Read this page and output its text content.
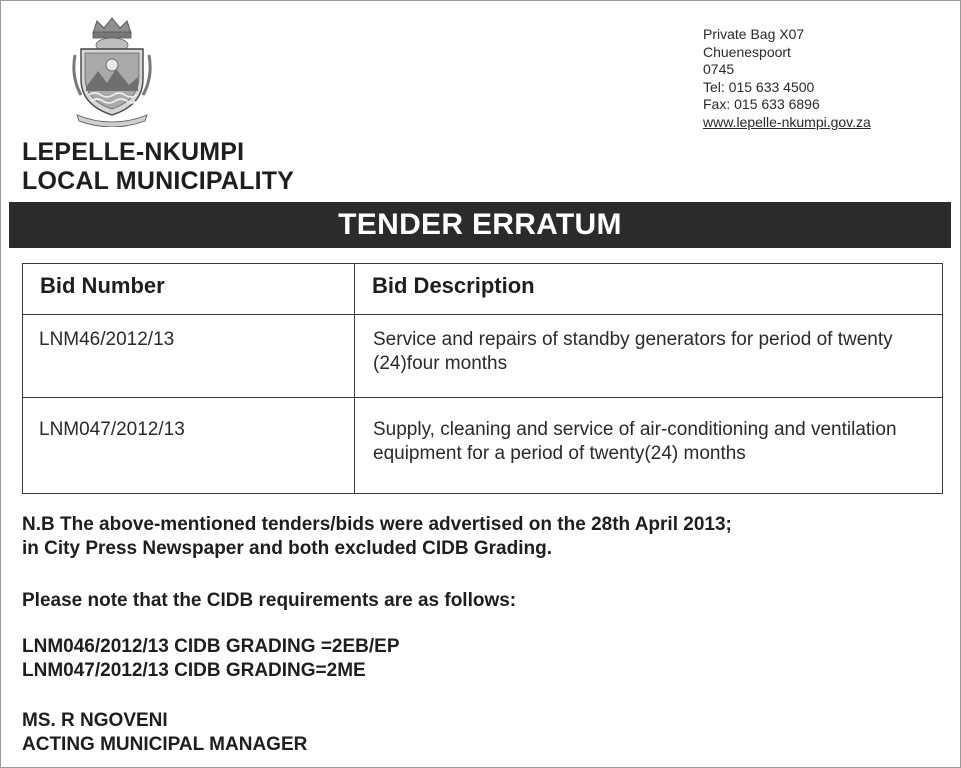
LEPELLE-NKUMPI
LOCAL MUNICIPALITY
Private Bag X07
Chuenespoort
0745
Tel: 015 633 4500
Fax: 015 633 6896
www.lepelle-nkumpi.gov.za
TENDER ERRATUM
Bid Number	Bid Description
LNM46/2012/13	Service and repairs of standby generators for period of twenty (24)four months
LNM047/2012/13	Supply, cleaning and service of air-conditioning and ventilation equipment for a period of twenty(24) months
N.B The above-mentioned tenders/bids were advertised on the 28th April 2013;
in City Press Newspaper and both excluded CIDB Grading.
Please note that the CIDB requirements are as follows:
LNM046/2012/13 CIDB GRADING =2EB/EP
LNM047/2012/13 CIDB GRADING=2ME
MS. R NGOVENI
ACTING MUNICIPAL MANAGER
